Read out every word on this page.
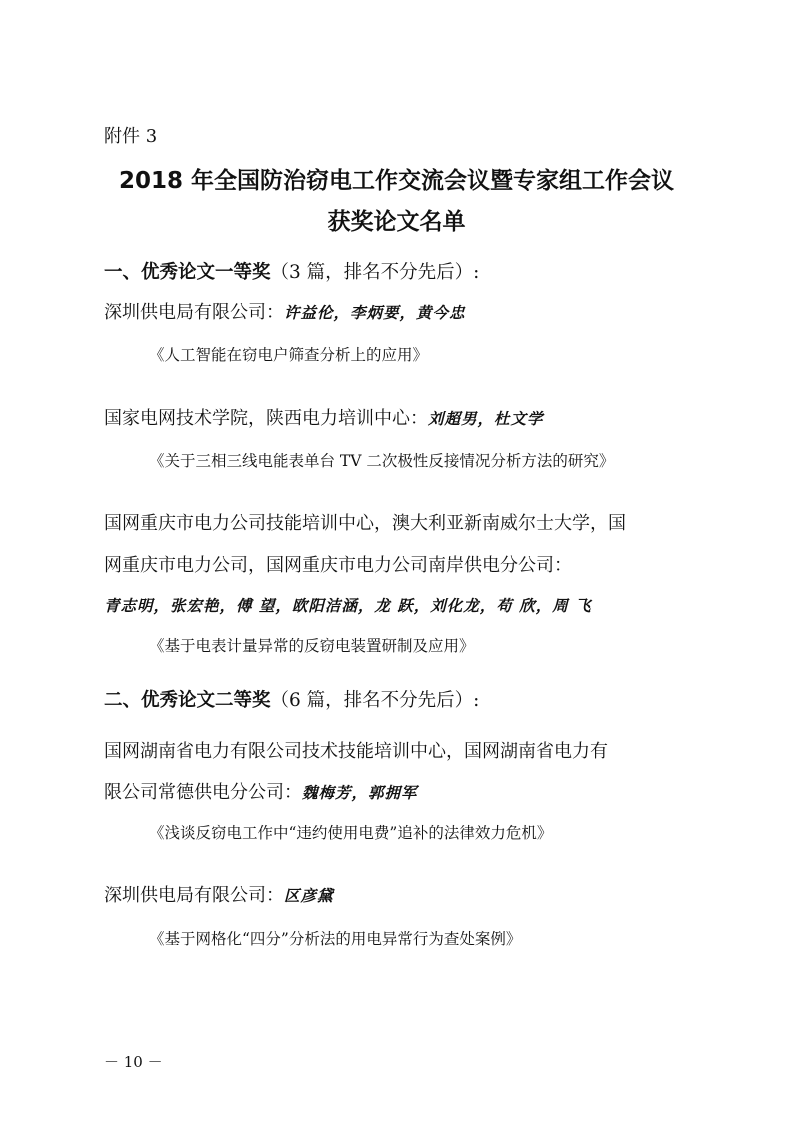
附件 3
2018 年全国防治窃电工作交流会议暨专家组工作会议
获奖论文名单
一、优秀论文一等奖（3 篇，排名不分先后）:
深圳供电局有限公司：许益伦，李炳要，黄今忠
《人工智能在窃电户筛查分析上的应用》
国家电网技术学院，陕西电力培训中心：刘超男，杜文学
《关于三相三线电能表单台 TV 二次极性反接情况分析方法的研究》
国网重庆市电力公司技能培训中心，澳大利亚新南威尔士大学，国
网重庆市电力公司，国网重庆市电力公司南岸供电分公司：
青志明，张宏艳，傅 望，欧阳洁涵，龙 跃，刘化龙，苟 欣，周 飞
《基于电表计量异常的反窃电装置研制及应用》
二、优秀论文二等奖（6 篇，排名不分先后）:
国网湖南省电力有限公司技术技能培训中心，国网湖南省电力有
限公司常德供电分公司：魏梅芳，郭拥军
《浅谈反窃电工作中“违约使用电费”追补的法律效力危机》
深圳供电局有限公司：区彦黛
《基于网格化“四分”分析法的用电异常行为查处案例》
－ 10 －
